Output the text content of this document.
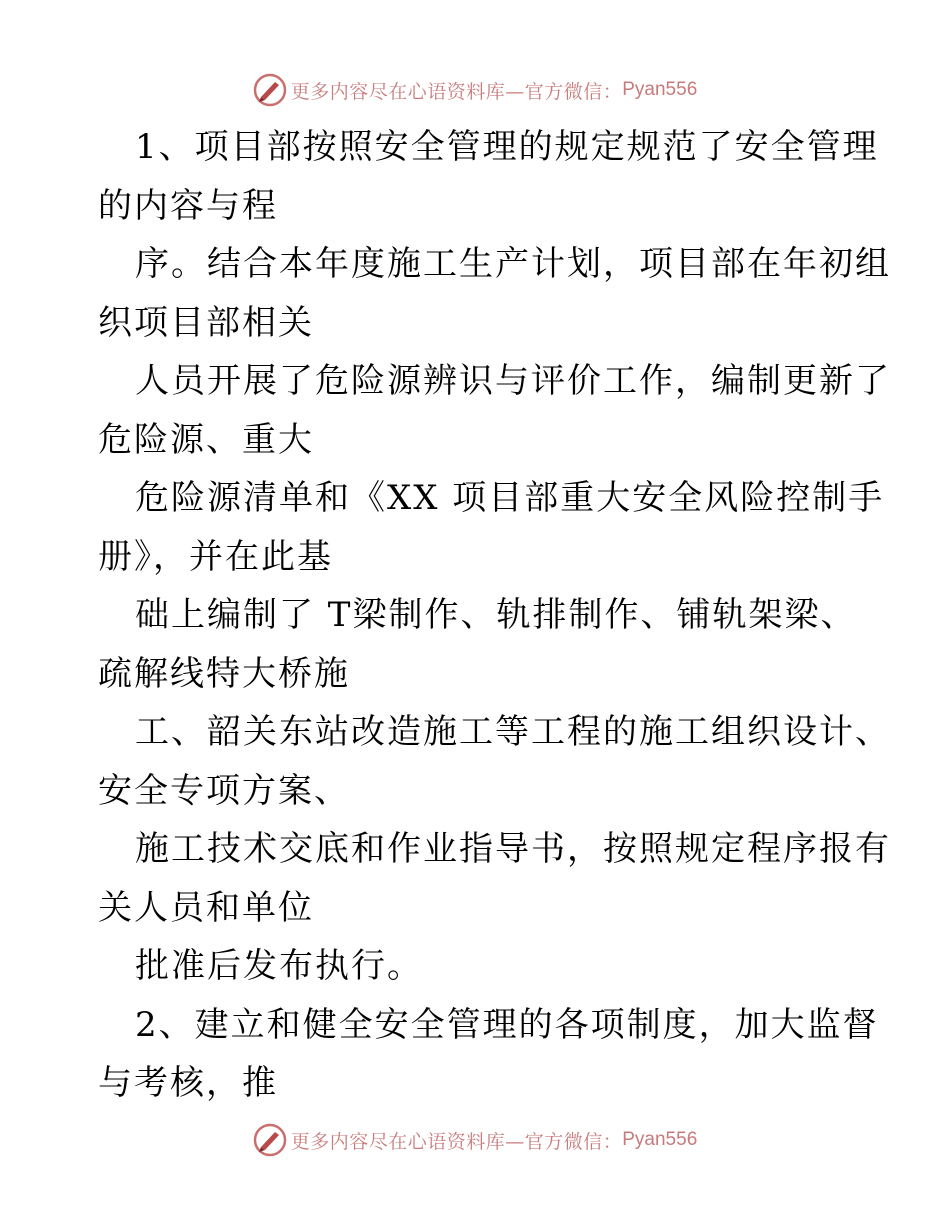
更多内容尽在心语资料库—官方微信： Pyan556
1、项目部按照安全管理的规定规范了安全管理
的内容与程
序。结合本年度施工生产计划，项目部在年初组
织项目部相关
人员开展了危险源辨识与评价工作，编制更新了
危险源、重大
危险源清单和《XX 项目部重大安全风险控制手
册》，并在此基
础上编制了 T梁制作、轨排制作、铺轨架梁、
疏解线特大桥施
工、韶关东站改造施工等工程的施工组织设计、
安全专项方案、
施工技术交底和作业指导书，按照规定程序报有
关人员和单位
批准后发布执行。
2、建立和健全安全管理的各项制度，加大监督
与考核，推
更多内容尽在心语资料库—官方微信： Pyan556
